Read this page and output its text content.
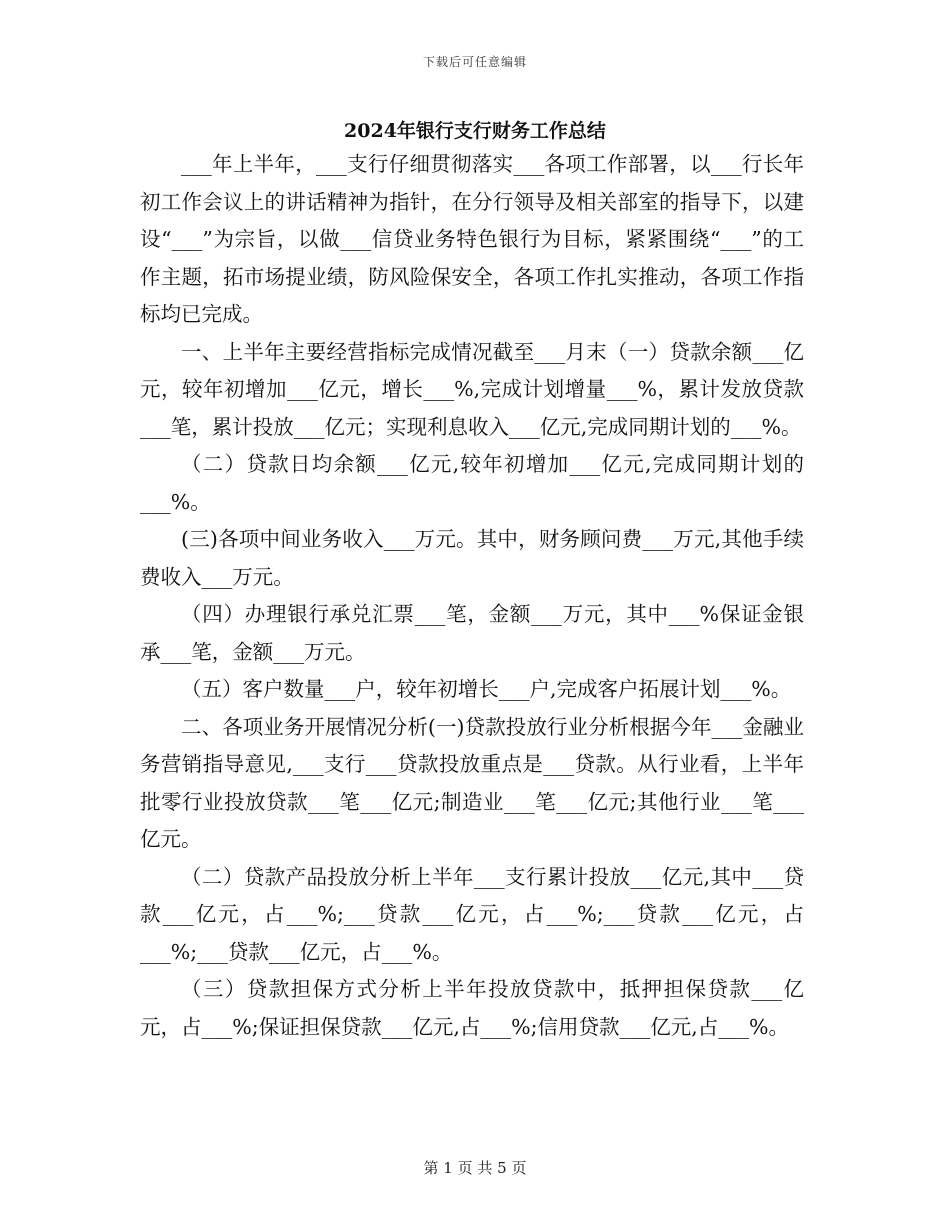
下载后可任意编辑
2024年银行支行财务工作总结

___年上半年，___支行仔细贯彻落实___各项工作部署，以___行长年初工作会议上的讲话精神为指针，在分行领导及相关部室的指导下，以建设“___”为宗旨，以做___信贷业务特色银行为目标，紧紧围绕“___”的工作主题，拓市场提业绩，防风险保安全，各项工作扎实推动，各项工作指标均已完成。

一、上半年主要经营指标完成情况截至___月末（一）贷款余额___亿元，较年初增加___亿元，增长___%,完成计划增量___%，累计发放贷款___笔，累计投放___亿元；实现利息收入___亿元,完成同期计划的___%。

（二）贷款日均余额___亿元,较年初增加___亿元,完成同期计划的___%。

(三)各项中间业务收入___万元。其中，财务顾问费___万元,其他手续费收入___万元。

（四）办理银行承兑汇票___笔，金额___万元，其中___%保证金银承___笔，金额___万元。

（五）客户数量___户，较年初增长___户,完成客户拓展计划___%。

二、各项业务开展情况分析(一)贷款投放行业分析根据今年___金融业务营销指导意见,___支行___贷款投放重点是___贷款。从行业看，上半年批零行业投放贷款___笔___亿元;制造业___笔___亿元;其他行业___笔___亿元。

（二）贷款产品投放分析上半年___支行累计投放___亿元,其中___贷款___亿元，占___%;___贷款___亿元，占___%;___贷款___亿元，占___%;___贷款___亿元，占___%。

（三）贷款担保方式分析上半年投放贷款中，抵押担保贷款___亿元，占___%;保证担保贷款___亿元,占___%;信用贷款___亿元,占___%。

第 1 页 共 5 页
